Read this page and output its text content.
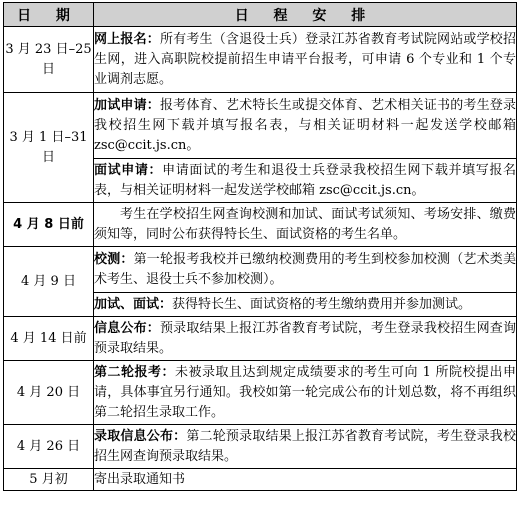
日 期	日 程 安 排
3 月 23 日–25 日	网上报名：所有考生（含退役士兵）登录江苏省教育考试院网站或学校招生网，进入高职院校提前招生申请平台报考，可申请 6 个专业和 1 个专业调剂志愿。

3 月 1 日–31 日	加试申请：报考体育、艺术特长生或提交体育、艺术相关证书的考生登录我校招生网下载并填写报名表，与相关证明材料一起发送学校邮箱 zsc@ccit.js.cn。

	面试申请：申请面试的考生和退役士兵登录我校招生网下载并填写报名表，与相关证明材料一起发送学校邮箱 zsc@ccit.js.cn。

4 月 8 日前	考生在学校招生网查询校测和加试、面试考试须知、考场安排、缴费须知等，同时公布获得特长生、面试资格的考生名单。

4 月 9 日	校测：第一轮报考我校并已缴纳校测费用的考生到校参加校测（艺术类美术考生、退役士兵不参加校测）。

	加试、面试：获得特长生、面试资格的考生缴纳费用并参加测试。

4 月 14 日前	信息公布：预录取结果上报江苏省教育考试院，考生登录我校招生网查询预录取结果。

4 月 20 日	第二轮报考：未被录取且达到规定成绩要求的考生可向 1 所院校提出申请，具体事宜另行通知。我校如第一轮完成公布的计划总数，将不再组织第二轮招生录取工作。

4 月 26 日	录取信息公布：第二轮预录取结果上报江苏省教育考试院，考生登录我校招生网查询预录取结果。

5 月初	寄出录取通知书
